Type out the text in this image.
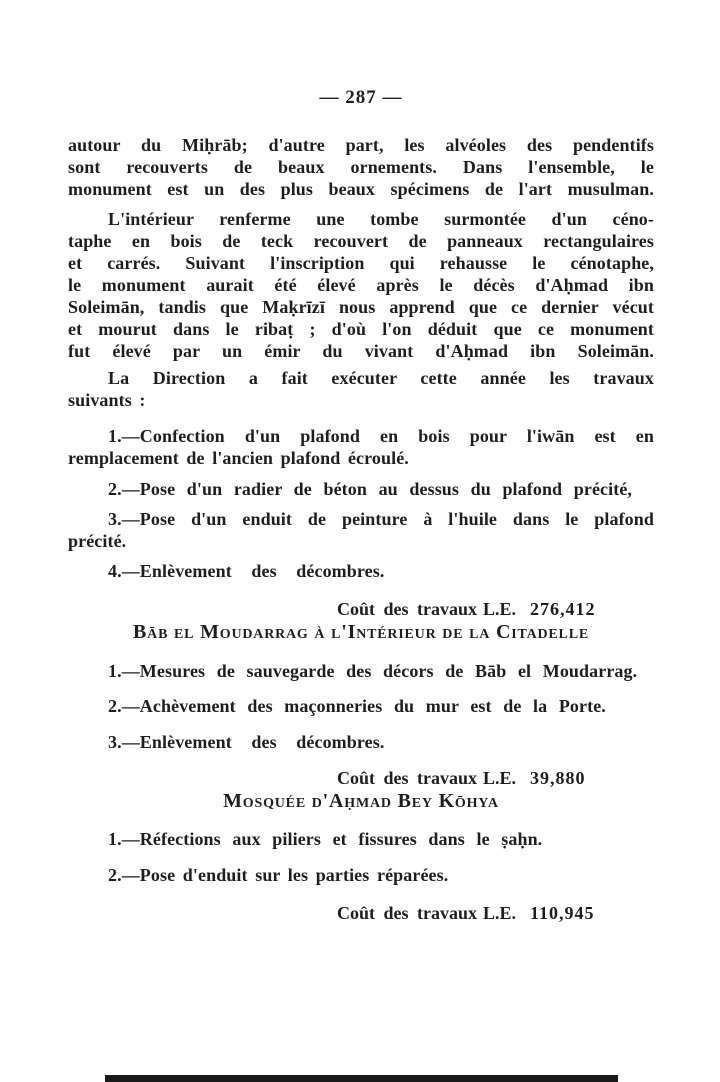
— 287 —
autour du Miḥrāb; d'autre part, les alvéoles des pendentifs
sont recouverts de beaux ornements. Dans l'ensemble, le
monument est un des plus beaux spécimens de l'art musulman.
L'intérieur renferme une tombe surmontée d'un céno-
taphe en bois de teck recouvert de panneaux rectangulaires
et carrés. Suivant l'inscription qui rehausse le cénotaphe,
le monument aurait été élevé après le décès d'Aḥmad ibn
Soleimān, tandis que Maḳrīzī nous apprend que ce dernier vécut
et mourut dans le ribaṭ ; d'où l'on déduit que ce monument
fut élevé par un émir du vivant d'Aḥmad ibn Soleimān.
La Direction a fait exécuter cette année les travaux
suivants :
1.—Confection d'un plafond en bois pour l'iwān est en
remplacement de l'ancien plafond écroulé.
2.—Pose d'un radier de béton au dessus du plafond précité,
3.—Pose d'un enduit de peinture à l'huile dans le plafond
précité.
4.—Enlèvement des décombres.
Coût des travaux L.E. 276,412
Bāb el Moudarrag à l'Intérieur de la Citadelle
1.—Mesures de sauvegarde des décors de Bāb el Moudarrag.
2.—Achèvement des maçonneries du mur est de la Porte.
3.—Enlèvement des décombres.
Coût des travaux L.E. 39,880
Mosquée d'Aḥmad Bey Kōhya
1.—Réfections aux piliers et fissures dans le ṣaḥn.
2.—Pose d'enduit sur les parties réparées.
Coût des travaux L.E. 110,945
